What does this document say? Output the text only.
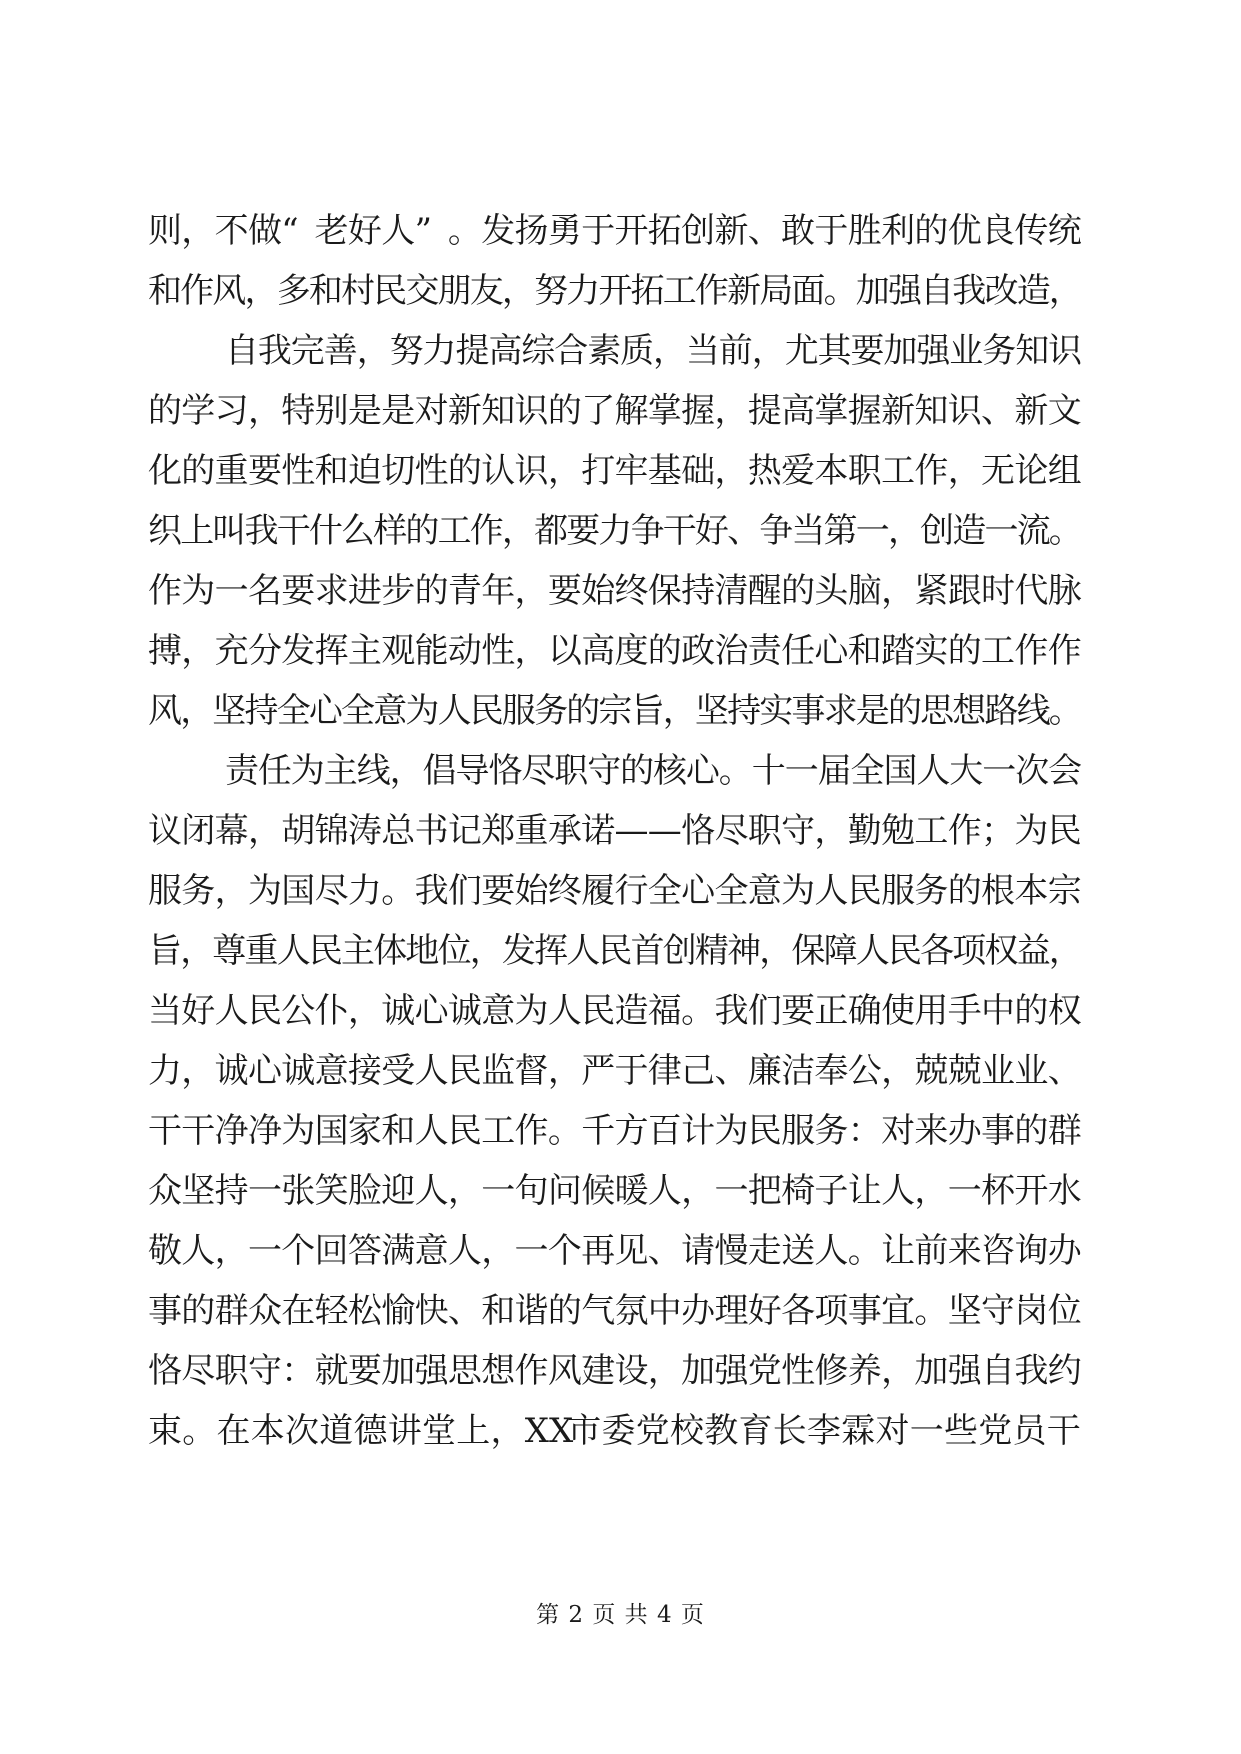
则 ， 不 做 “ 老 好 人 ” 。 发 扬 勇 于 开 拓 创 新 、 敢 于 胜 利 的 优 良 传 统
和
作
风
，
多
和
村
民
交
朋
友
，
努
力
开
拓
工
作
新
局
面
。
加
强
自
我
改
造
，
自
我
完 善
，
努
力 提
高
综
合 素
质
，
当
前 ，
尤
其
要 加
强
业
务 知
识
的 学 习 ， 特 别 是 是 对 新 知 识 的 了 解 掌 握 ， 提 高 掌 握 新 知 识 、 新 文
化 的 重 要 性 和 迫 切 性 的 认 识 ， 打 牢 基 础 ， 热 爱 本 职 工 作 ， 无 论 组
织
上
叫
我
干
什
么
样
的
工
作
，
都
要
力
争
干
好
、
争
当
第
一
，
创
造
一
流
。
作 为 一 名 要 求 进 步 的 青 年 ， 要 始 终 保 持 清 醒 的 头 脑 ， 紧 跟 时 代 脉
搏 ， 充 分 发 挥 主 观 能 动 性 ， 以 高 度 的 政 治 责 任 心 和 踏 实 的 工 作 作
风
，
坚
持
全
心
全
意
为
人
民
服
务
的
宗
旨
，
坚
持
实
事
求
是
的
思
想
路
线
。
责
任
为 主
线
，
倡 导
恪
尽
职 守
的
核
心
。 十
一
届
全 国
人
大
一 次
会
议 闭 幕 ， 胡 锦 涛 总 书 记 郑 重 承 诺 — — 恪 尽 职 守 ， 勤 勉 工 作 ； 为 民
服 务 ， 为 国 尽 力 。 我 们 要 始 终 履 行 全 心 全 意 为 人 民 服 务 的 根 本 宗
旨
，
尊
重
人
民
主
体
地
位
，
发
挥
人
民
首
创
精
神
，
保
障
人
民
各
项
权
益
，
当 好 人 民 公 仆 ， 诚 心 诚 意 为 人 民 造 福 。 我 们 要 正 确 使 用 手 中 的 权
力 ， 诚 心 诚 意 接 受 人 民 监 督 ， 严 于 律 己 、 廉 洁 奉 公 ， 兢 兢 业 业 、
干 干 净 净 为 国 家 和 人 民 工 作 。 千 方 百 计 为 民 服 务 ： 对 来 办 事 的 群
众 坚 持 一 张 笑 脸 迎 人 ， 一 句 问 候 暖 人 ， 一 把 椅 子 让 人 ， 一 杯 开 水
敬 人 ， 一 个 回 答 满 意 人 ， 一 个 再 见 、 请 慢 走 送 人 。 让 前 来 咨 询 办
事 的 群 众 在 轻 松 愉 快 、 和 谐 的 气 氛 中 办 理 好 各 项 事 宜 。 坚 守 岗 位
恪 尽 职 守 ： 就 要 加 强 思 想 作 风 建 设 ， 加 强 党 性 修 养 ， 加 强 自 我 约
束 。 在 本 次 道 德 讲 堂 上 ， XX
市 委 党 校 教 育 长 李 霖 对 一 些 党 员 干
第 2 页 共 4 页
